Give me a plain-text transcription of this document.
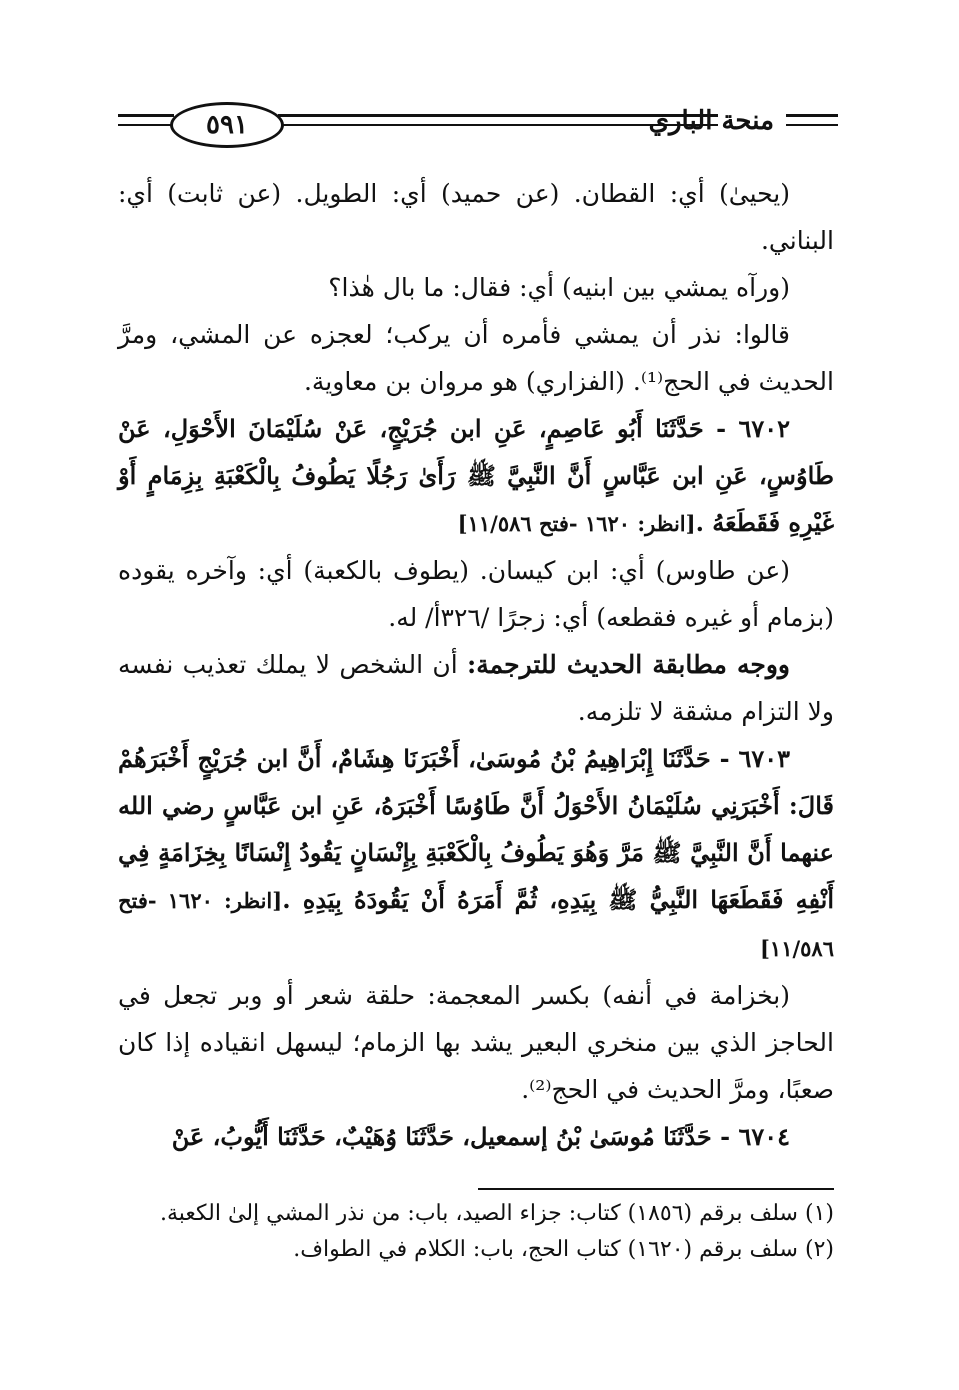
٥٩١	منحة الباري

(يحيىٰ) أي: القطان. (عن حميد) أي: الطويل. (عن ثابت) أي: البناني.

(ورآه يمشي بين ابنيه) أي: فقال: ما بال هٰذا؟

قالوا: نذر أن يمشي فأمره أن يركب؛ لعجزه عن المشي، ومرَّ الحديث في الحج⁽¹⁾. (الفزاري) هو مروان بن معاوية.

٦٧٠٢ - حَدَّثَنَا أَبُو عَاصِمٍ، عَنِ ابن جُرَيْجٍ، عَنْ سُلَيْمَانَ الأَحْوَلِ، عَنْ طَاوُسٍ، عَنِ ابن عَبَّاسٍ أَنَّ النَّبِيَّ ﷺ رَأَىٰ رَجُلًا يَطُوفُ بِالْكَعْبَةِ بِزِمَامٍ أَوْ غَيْرِهِ فَقَطَعَهُ .[انظر: ١٦٢٠ -فتح ١١/٥٨٦]

(عن طاوس) أي: ابن كيسان. (يطوف بالكعبة) أي: وآخره يقوده (بزمام أو غيره فقطعه) أي: زجرًا /٣٢٦أ/ له.

ووجه مطابقة الحديث للترجمة: أن الشخص لا يملك تعذيب نفسه ولا التزام مشقة لا تلزمه.

٦٧٠٣ - حَدَّثَنَا إِبْرَاهِيمُ بْنُ مُوسَىٰ، أَخْبَرَنَا هِشَامٌ، أَنَّ ابن جُرَيْجٍ أَخْبَرَهُمْ قَالَ: أَخْبَرَنِي سُلَيْمَانُ الأَحْوَلُ أَنَّ طَاوُسًا أَخْبَرَهُ، عَنِ ابن عَبَّاسٍ رضي الله عنهما أَنَّ النَّبِيَّ ﷺ مَرَّ وَهُوَ يَطُوفُ بِالْكَعْبَةِ بِإِنْسَانٍ يَقُودُ إِنْسَانًا بِخِزَامَةٍ فِي أَنْفِهِ فَقَطَعَهَا النَّبِيُّ ﷺ بِيَدِهِ، ثُمَّ أَمَرَهُ أَنْ يَقُودَهُ بِيَدِهِ .[انظر: ١٦٢٠ -فتح ١١/٥٨٦]

(بخزامة في أنفه) بكسر المعجمة: حلقة شعر أو وبر تجعل في الحاجز الذي بين منخري البعير يشد بها الزمام؛ ليسهل انقياده إذا كان صعبًا، ومرَّ الحديث في الحج⁽²⁾.

٦٧٠٤ - حَدَّثَنَا مُوسَىٰ بْنُ إسمعيل، حَدَّثَنَا وُهَيْبٌ، حَدَّثَنَا أَيُّوبُ، عَنْ

(١) سلف برقم (١٨٥٦) كتاب: جزاء الصيد، باب: من نذر المشي إلىٰ الكعبة.

(٢) سلف برقم (١٦٢٠) كتاب الحج، باب: الكلام في الطواف.
